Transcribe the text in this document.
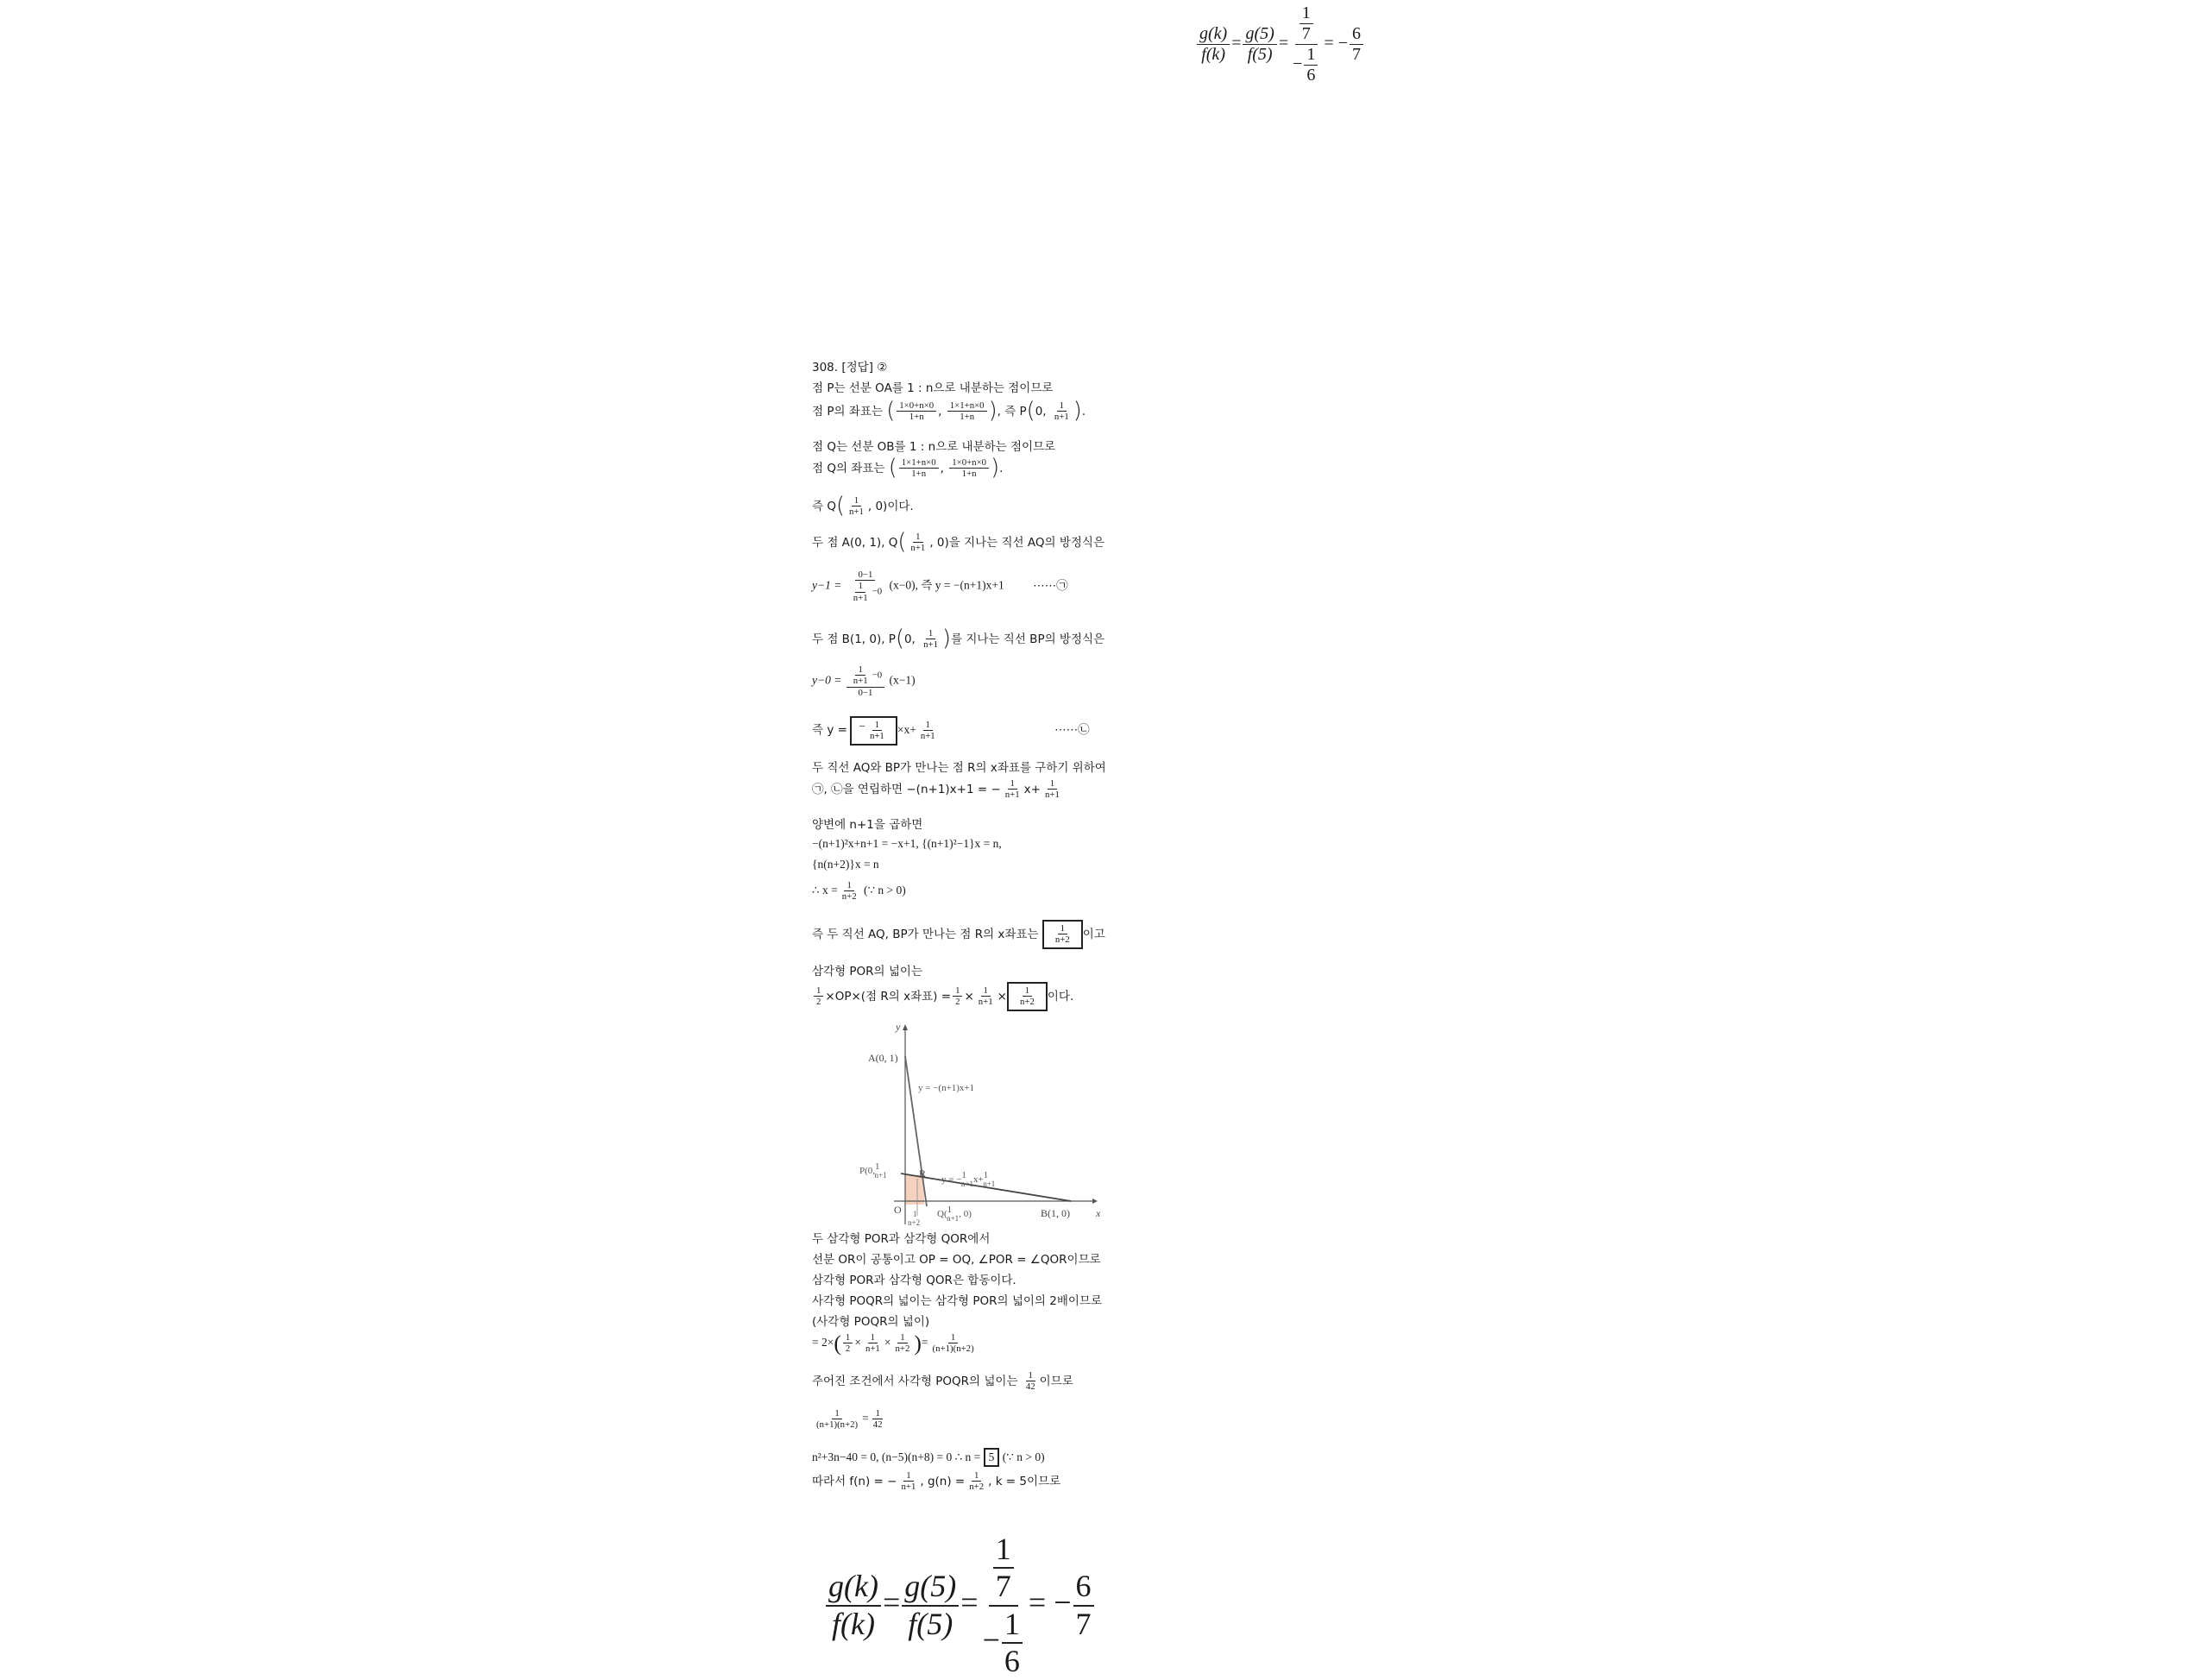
$\frac{g(k)}{f(k)} = \frac{g(5)}{f(5)} = \frac{\frac{1}{7}}{- \frac{1}{6}}$ = − $\frac{6}{7}$
308. [정답] ②
점 P는 선분 OA를 1 : n으로 내분하는 점이므로
점 P의 좌표는 ( $\frac{1\times 0+n\times 0}{1+n}$ , $\frac{1\times 1+n\times 0}{1+n}$ ), 즉 P(0, $\frac{1}{n+1}$ ).
점 Q는 선분 OB를 1 : n으로 내분하는 점이므로
점 Q의 좌표는 ( $\frac{1\times 1+n\times 0}{1+n}$ , $\frac{1\times 0+n\times 0}{1+n}$ ).
즉 $Q( \frac{1}{n+1}$ , 0)이다.
두 점 A(0, 1), $Q( \frac{1}{n+1}$ , 0)을 지나는 직선 AQ의 방정식은
$y-1 = \frac{0-1}{\frac{1}{n+1} -0} (x-0)$, 즉 y = −(n+1)x+1 ⋯⋯㉠
두 점 B(1, 0), P(0, $\frac{1}{n+1}$ )를 지나는 직선 BP의 방정식은
$y-0 = \frac{\frac{1}{n+1} -0}{0-1} (x-1)$
즉 y = − $\frac{1}{n+1} \times x+ \frac{1}{n+1}$	⋯⋯㉡
두 직선 AQ와 BP가 만나는 점 R의 x좌표를 구하기 위하여
㉠, ㉡을 연립하면 −(n+1)x+1 = − $\frac{1}{n+1} x+ \frac{1}{n+1}$
양변에 n+1을 곱하면
−(n+1)²x+n+1 = −x+1, {(n+1)²−1}x = n,
{n(n+2)}x = n
∴ $x = \frac{1}{n+2}$ (∵ n > 0)
즉 두 직선 AQ, BP가 만나는 점 R의 x좌표는 $\frac{1}{n+2}$ 이고
삼각형 POR의 넓이는
$\frac{1}{2} \times OP\times$(점 R의 x좌표) = $\frac{1}{2} \times \frac{1}{n+1} \times \frac{1}{n+2}$ 이다.
y
x
O
A(0, 1)
B(1, 0)
R
y = −(n+1)x+1
y = −1 n+1x+1 n+1
P(0,1 n+1
Q(1 n+1, 0)
1
n+2
두 삼각형 POR과 삼각형 QOR에서
선분 OR이 공통이고 OP = OQ, ∠POR = ∠QOR이므로
삼각형 POR과 삼각형 QOR은 합동이다.
사각형 POQR의 넓이는 삼각형 POR의 넓이의 2배이므로
(사각형 POQR의 넓이)
= $2\times( \frac{1}{2} \times \frac{1}{n+1} \times \frac{1}{n+2}$ )= $\frac{1}{(n+1)(n+2)}$
주어진 조건에서 사각형 POQR의 넓이는 $\frac{1}{42}$ 이므로
$\frac{1}{(n+1)(n+2)} = \frac{1}{42}$
n²+3n−40 = 0, (n−5)(n+8) = 0 ∴ n = 5 (∵ n > 0)
따라서 f(n) = − $\frac{1}{n+1}$ , $g(n) = \frac{1}{n+2}$ , k = 5이므로
$\frac{g(k)}{f(k)} = \frac{g(5)}{f(5)} = \frac{\frac{1}{7}}{- \frac{1}{6}}$ = − $\frac{6}{7}$
